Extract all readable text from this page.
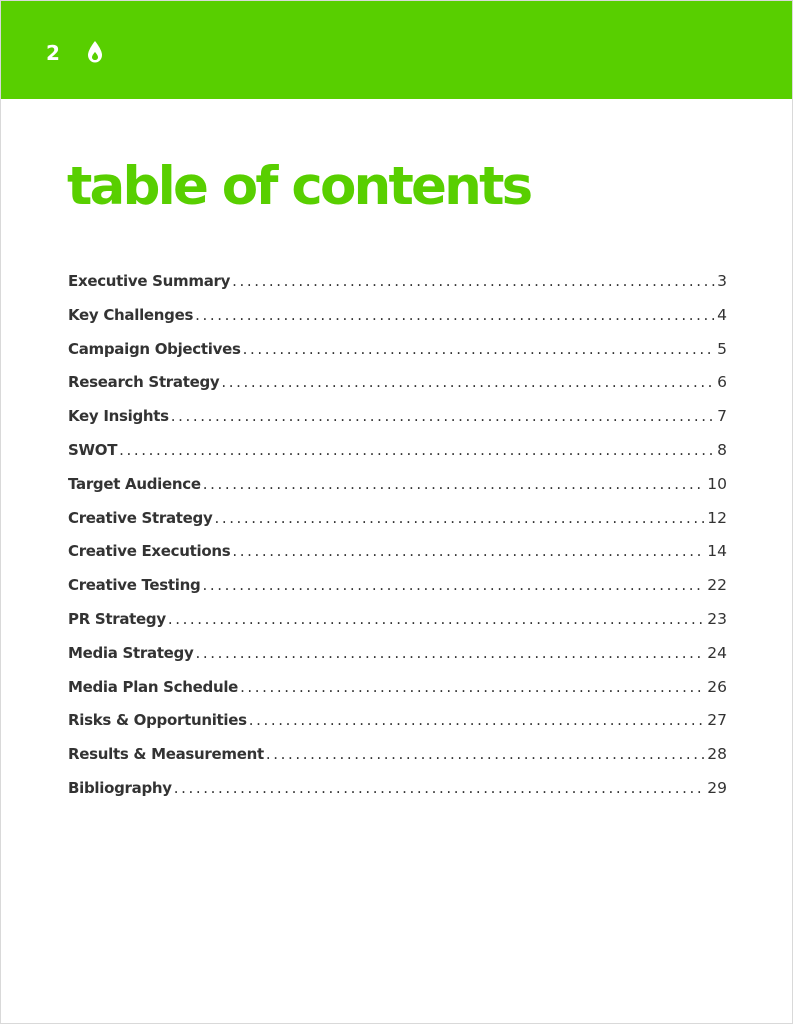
2
table of contents
Executive Summary .....	3
Key Challenges .....	4
Campaign Objectives .....	5
Research Strategy .....	6
Key Insights .....	7
SWOT .....	8
Target Audience .....	10
Creative Strategy .....	12
Creative Executions .....	14
Creative Testing .....	22
PR Strategy .....	23
Media Strategy .....	24
Media Plan Schedule .....	26
Risks & Opportunities .....	27
Results & Measurement .....	28
Bibliography .....	29
